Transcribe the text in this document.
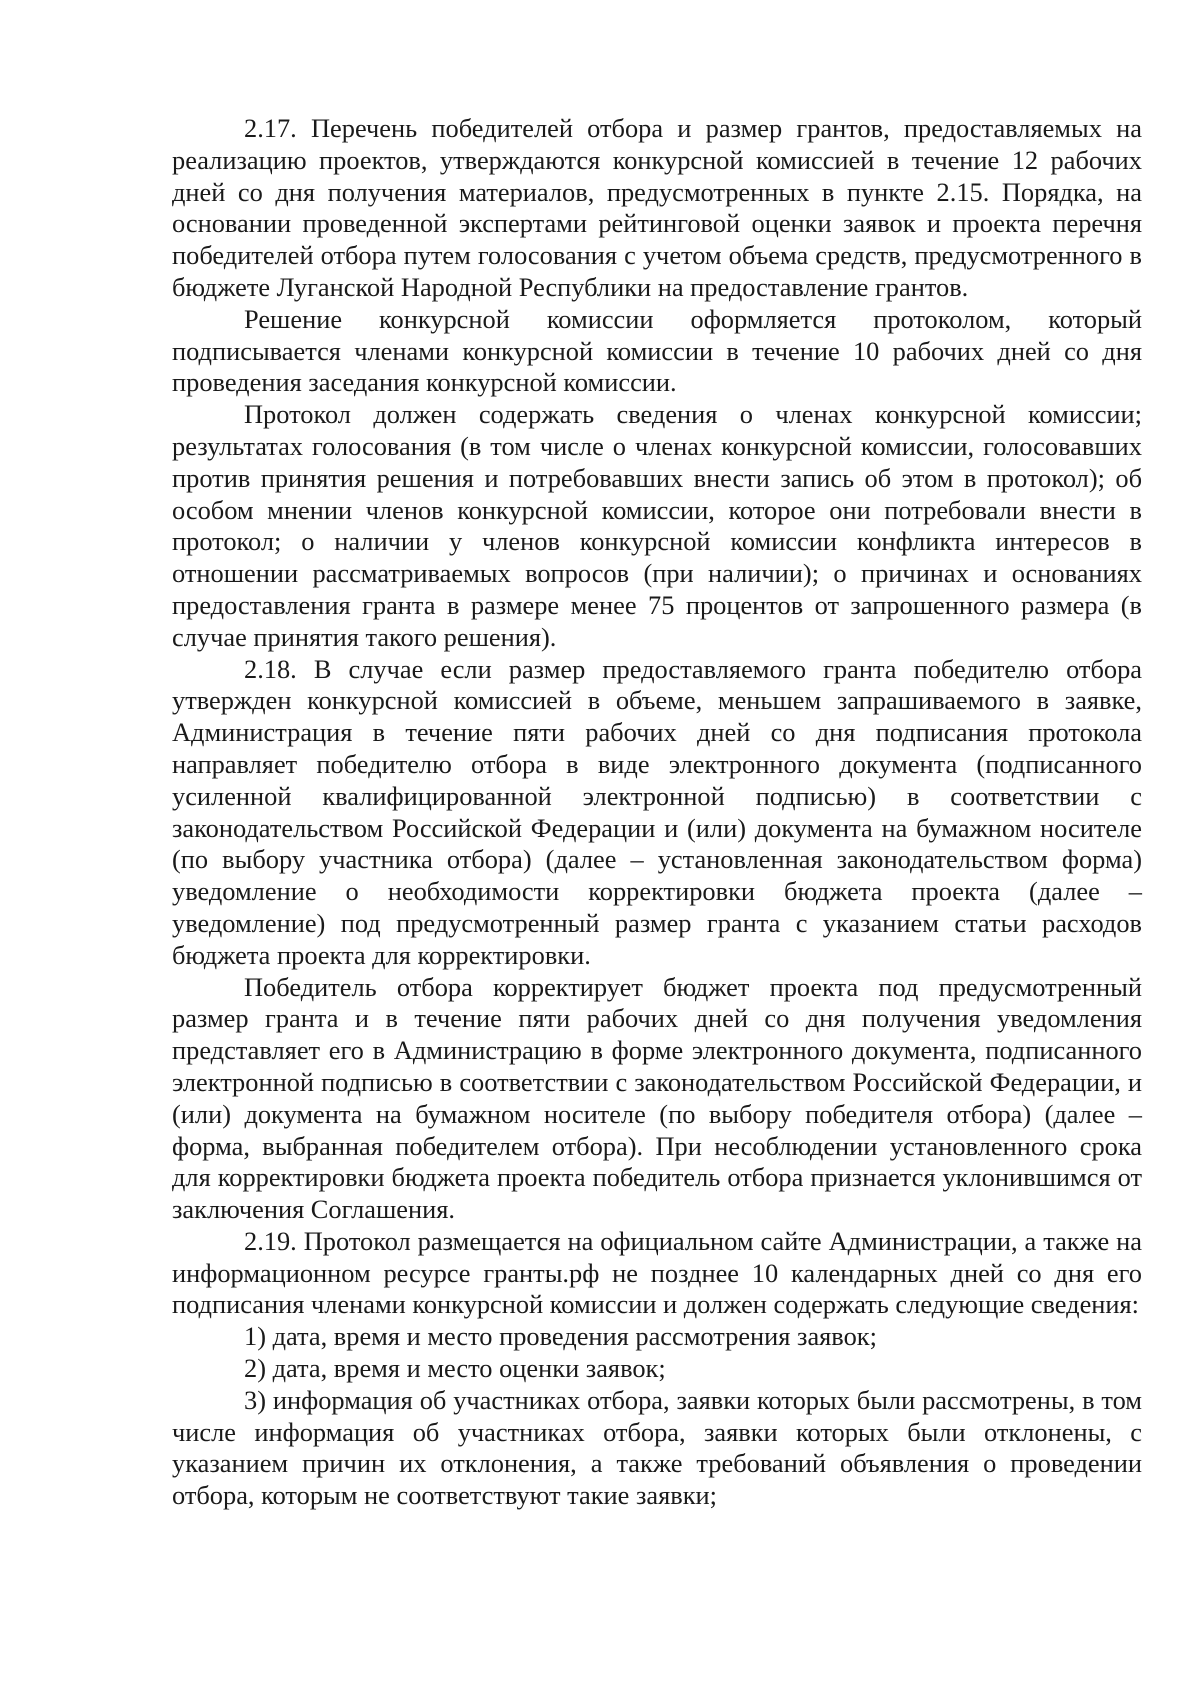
2.17. Перечень победителей отбора и размер грантов, предоставляемых на реализацию проектов, утверждаются конкурсной комиссией в течение 12 рабочих дней со дня получения материалов, предусмотренных в пункте 2.15. Порядка, на основании проведенной экспертами рейтинговой оценки заявок и проекта перечня победителей отбора путем голосования с учетом объема средств, предусмотренного в бюджете Луганской Народной Республики на предоставление грантов.

Решение конкурсной комиссии оформляется протоколом, который подписывается членами конкурсной комиссии в течение 10 рабочих дней со дня проведения заседания конкурсной комиссии.

Протокол должен содержать сведения о членах конкурсной комиссии; результатах голосования (в том числе о членах конкурсной комиссии, голосовавших против принятия решения и потребовавших внести запись об этом в протокол); об особом мнении членов конкурсной комиссии, которое они потребовали внести в протокол; о наличии у членов конкурсной комиссии конфликта интересов в отношении рассматриваемых вопросов (при наличии); о причинах и основаниях предоставления гранта в размере менее 75 процентов от запрошенного размера (в случае принятия такого решения).

2.18. В случае если размер предоставляемого гранта победителю отбора утвержден конкурсной комиссией в объеме, меньшем запрашиваемого в заявке, Администрация в течение пяти рабочих дней со дня подписания протокола направляет победителю отбора в виде электронного документа (подписанного усиленной квалифицированной электронной подписью) в соответствии с законодательством Российской Федерации и (или) документа на бумажном носителе (по выбору участника отбора) (далее – установленная законодательством форма) уведомление о необходимости корректировки бюджета проекта (далее – уведомление) под предусмотренный размер гранта с указанием статьи расходов бюджета проекта для корректировки.

Победитель отбора корректирует бюджет проекта под предусмотренный размер гранта и в течение пяти рабочих дней со дня получения уведомления представляет его в Администрацию в форме электронного документа, подписанного электронной подписью в соответствии с законодательством Российской Федерации, и (или) документа на бумажном носителе (по выбору победителя отбора) (далее – форма, выбранная победителем отбора). При несоблюдении установленного срока для корректировки бюджета проекта победитель отбора признается уклонившимся от заключения Соглашения.

2.19. Протокол размещается на официальном сайте Администрации, а также на информационном ресурсе гранты.рф не позднее 10 календарных дней со дня его подписания членами конкурсной комиссии и должен содержать следующие сведения:

1) дата, время и место проведения рассмотрения заявок;

2) дата, время и место оценки заявок;

3) информация об участниках отбора, заявки которых были рассмотрены, в том числе информация об участниках отбора, заявки которых были отклонены, с указанием причин их отклонения, а также требований объявления о проведении отбора, которым не соответствуют такие заявки;
